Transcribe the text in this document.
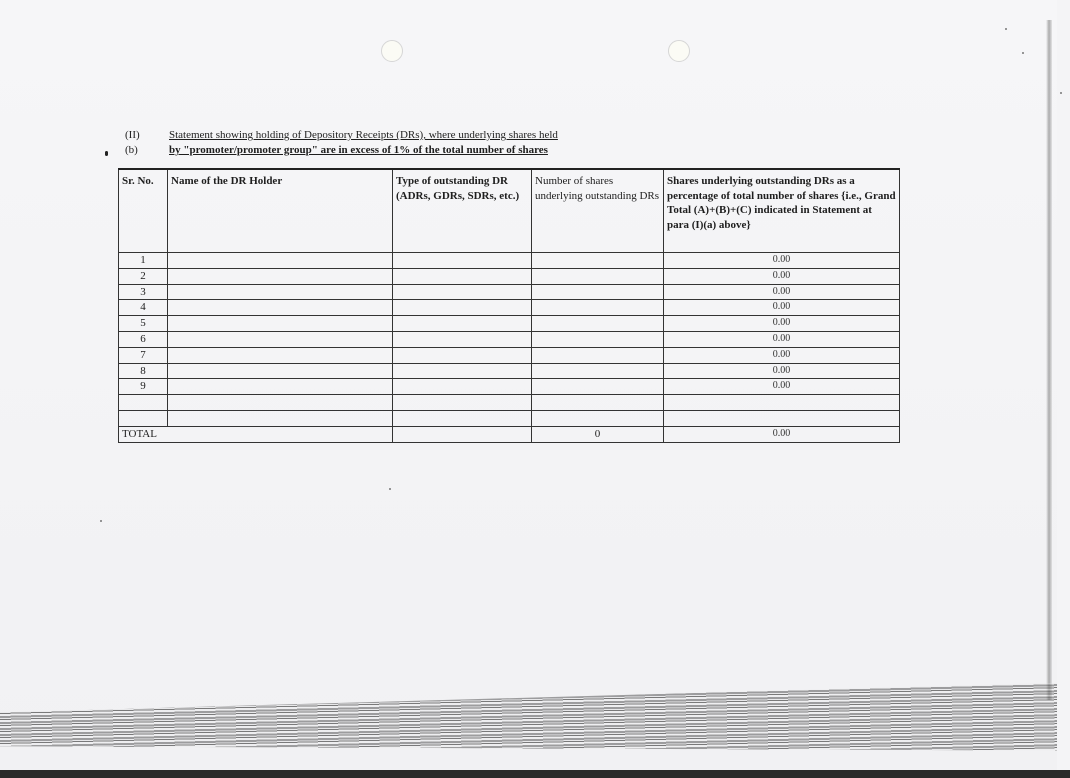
(II)(b)
Statement showing holding of Depository Receipts (DRs), where underlying shares held
by "promoter/promoter group" are in excess of 1% of the total number of shares
Sr. No.	Name of the DR Holder	Type of outstanding DR (ADRs, GDRs, SDRs, etc.)	Number of shares underlying outstanding DRs	Shares underlying outstanding DRs as a percentage of total number of shares {i.e., Grand Total (A)+(B)+(C) indicated in Statement at para (I)(a) above}
1				0.00
2				0.00
3				0.00
4				0.00
5				0.00
6				0.00
7				0.00
8				0.00
9				0.00

TOTAL			0	0.00
